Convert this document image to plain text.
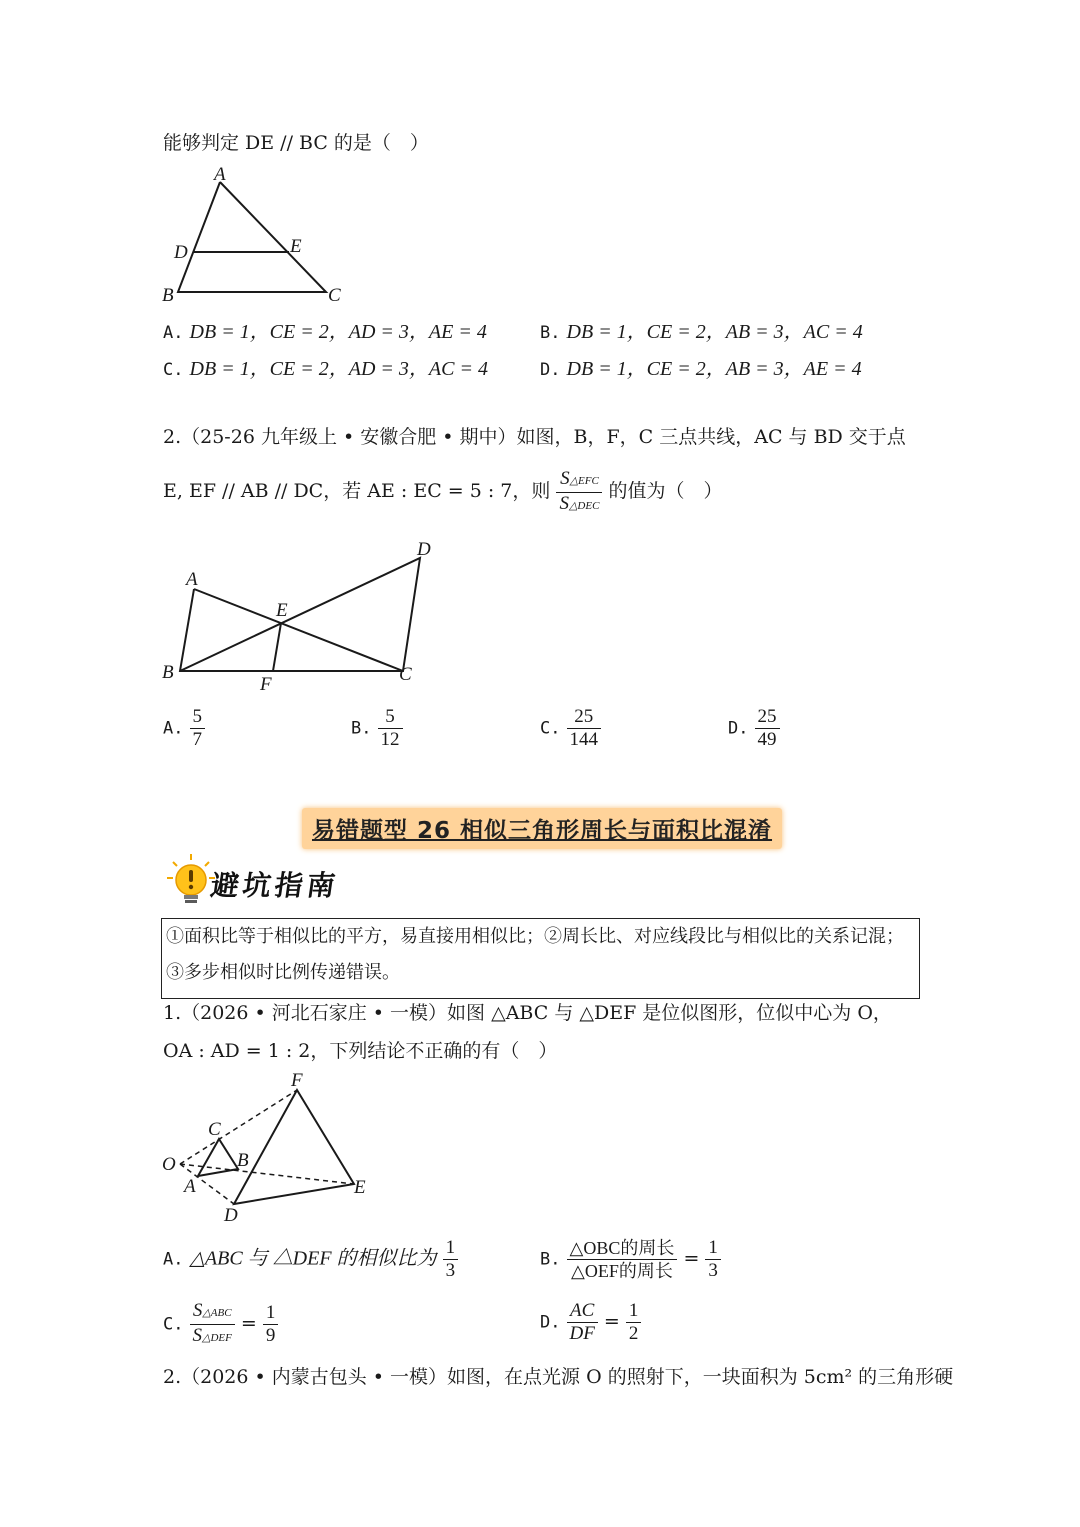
能够判定 DE // BC 的是（　）
A
D	E
B	C
A. DB = 1，CE = 2，AD = 3，AE = 4	B. DB = 1，CE = 2，AB = 3，AC = 4
C. DB = 1，CE = 2，AD = 3，AC = 4	D. DB = 1，CE = 2，AB = 3，AE = 4
2.（25-26 九年级上 • 安徽合肥 • 期中）如图，B，F，C 三点共线，AC 与 BD 交于点
E, EF // AB // DC，若 AE : EC = 5 : 7，则 $\frac{\text{S△EFC}}{\text{S△DEC}}$ 的值为（　）
A
D
E
B
F	C
A. $\frac{5}{7}$	B. $\frac{5}{12}$	C. $\frac{25}{144}$	D. $\frac{25}{49}$
易错题型 26 相似三角形周长与面积比混淆
避坑指南
①面积比等于相似比的平方，易直接用相似比；②周长比、对应线段比与相似比的关系记混；
③多步相似时比例传递错误。
1.（2026 • 河北石家庄 • 一模）如图 △ABC 与 △DEF 是位似图形，位似中心为 O，
OA : AD = 1 : 2，下列结论不正确的有（　）
F
C
O	B
A	E
D
A. △ABC 与 △DEF 的相似比为 $\frac{1}{3}$	B. $\frac{\text{△OBC的周长}}{\text{△OEF的周长}} = \frac{1}{3}$
C. $\frac{\text{S△ABC}}{\text{S△DEF}} = \frac{1}{9}$	D. $\frac{AC}{DF} = \frac{1}{2}$
2.（2026 • 内蒙古包头 • 一模）如图，在点光源 O 的照射下，一块面积为 5cm² 的三角形硬
